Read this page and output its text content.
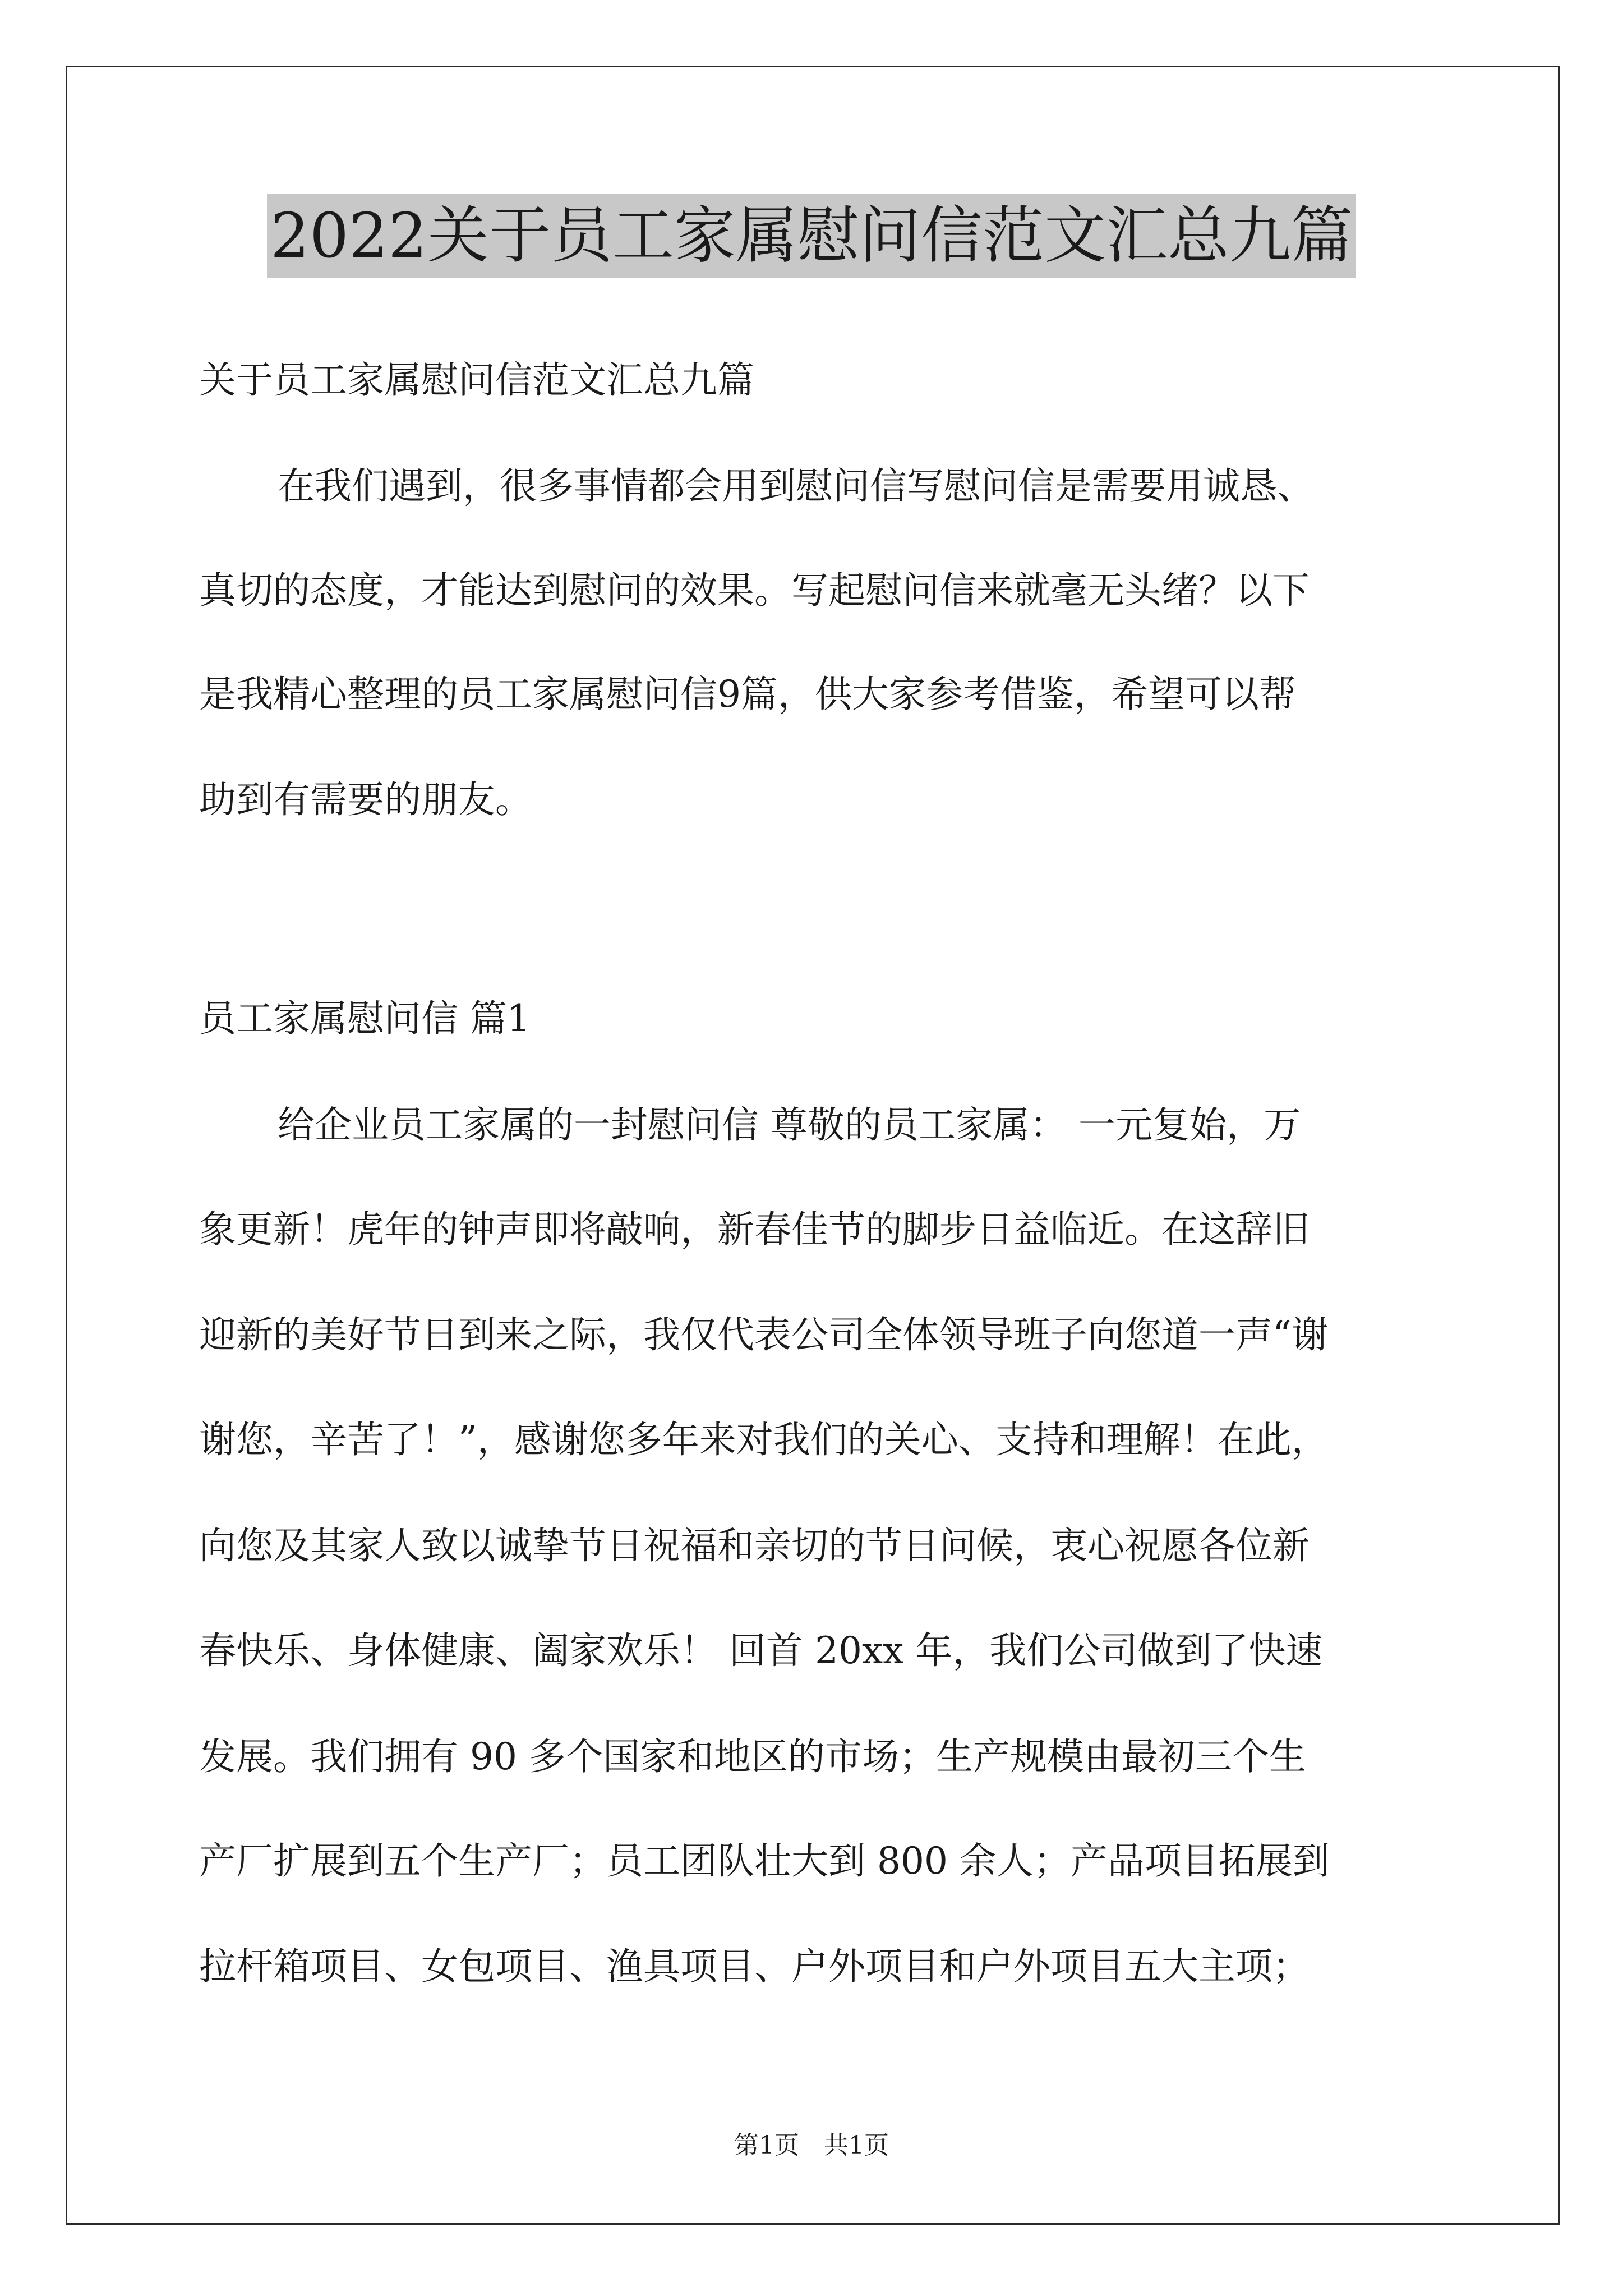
2022关于员工家属慰问信范文汇总九篇
关于员工家属慰问信范文汇总九篇
在我们遇到，很多事情都会用到慰问信写慰问信是需要用诚恳、
真切的态度，才能达到慰问的效果。写起慰问信来就毫无头绪？以下
是我精心整理的员工家属慰问信9篇，供大家参考借鉴，希望可以帮
助到有需要的朋友。
员工家属慰问信 篇1
给企业员工家属的一封慰问信 尊敬的员工家属： 一元复始，万
象更新！虎年的钟声即将敲响，新春佳节的脚步日益临近。在这辞旧
迎新的美好节日到来之际，我仅代表公司全体领导班子向您道一声“谢
谢您，辛苦了！”，感谢您多年来对我们的关心、支持和理解！在此，
向您及其家人致以诚挚节日祝福和亲切的节日问候，衷心祝愿各位新
春快乐、身体健康、阖家欢乐！ 回首 20xx 年，我们公司做到了快速
发展。我们拥有 90 多个国家和地区的市场；生产规模由最初三个生
产厂扩展到五个生产厂；员工团队壮大到 800 余人；产品项目拓展到
拉杆箱项目、女包项目、渔具项目、户外项目和户外项目五大主项；
第1页　共1页
